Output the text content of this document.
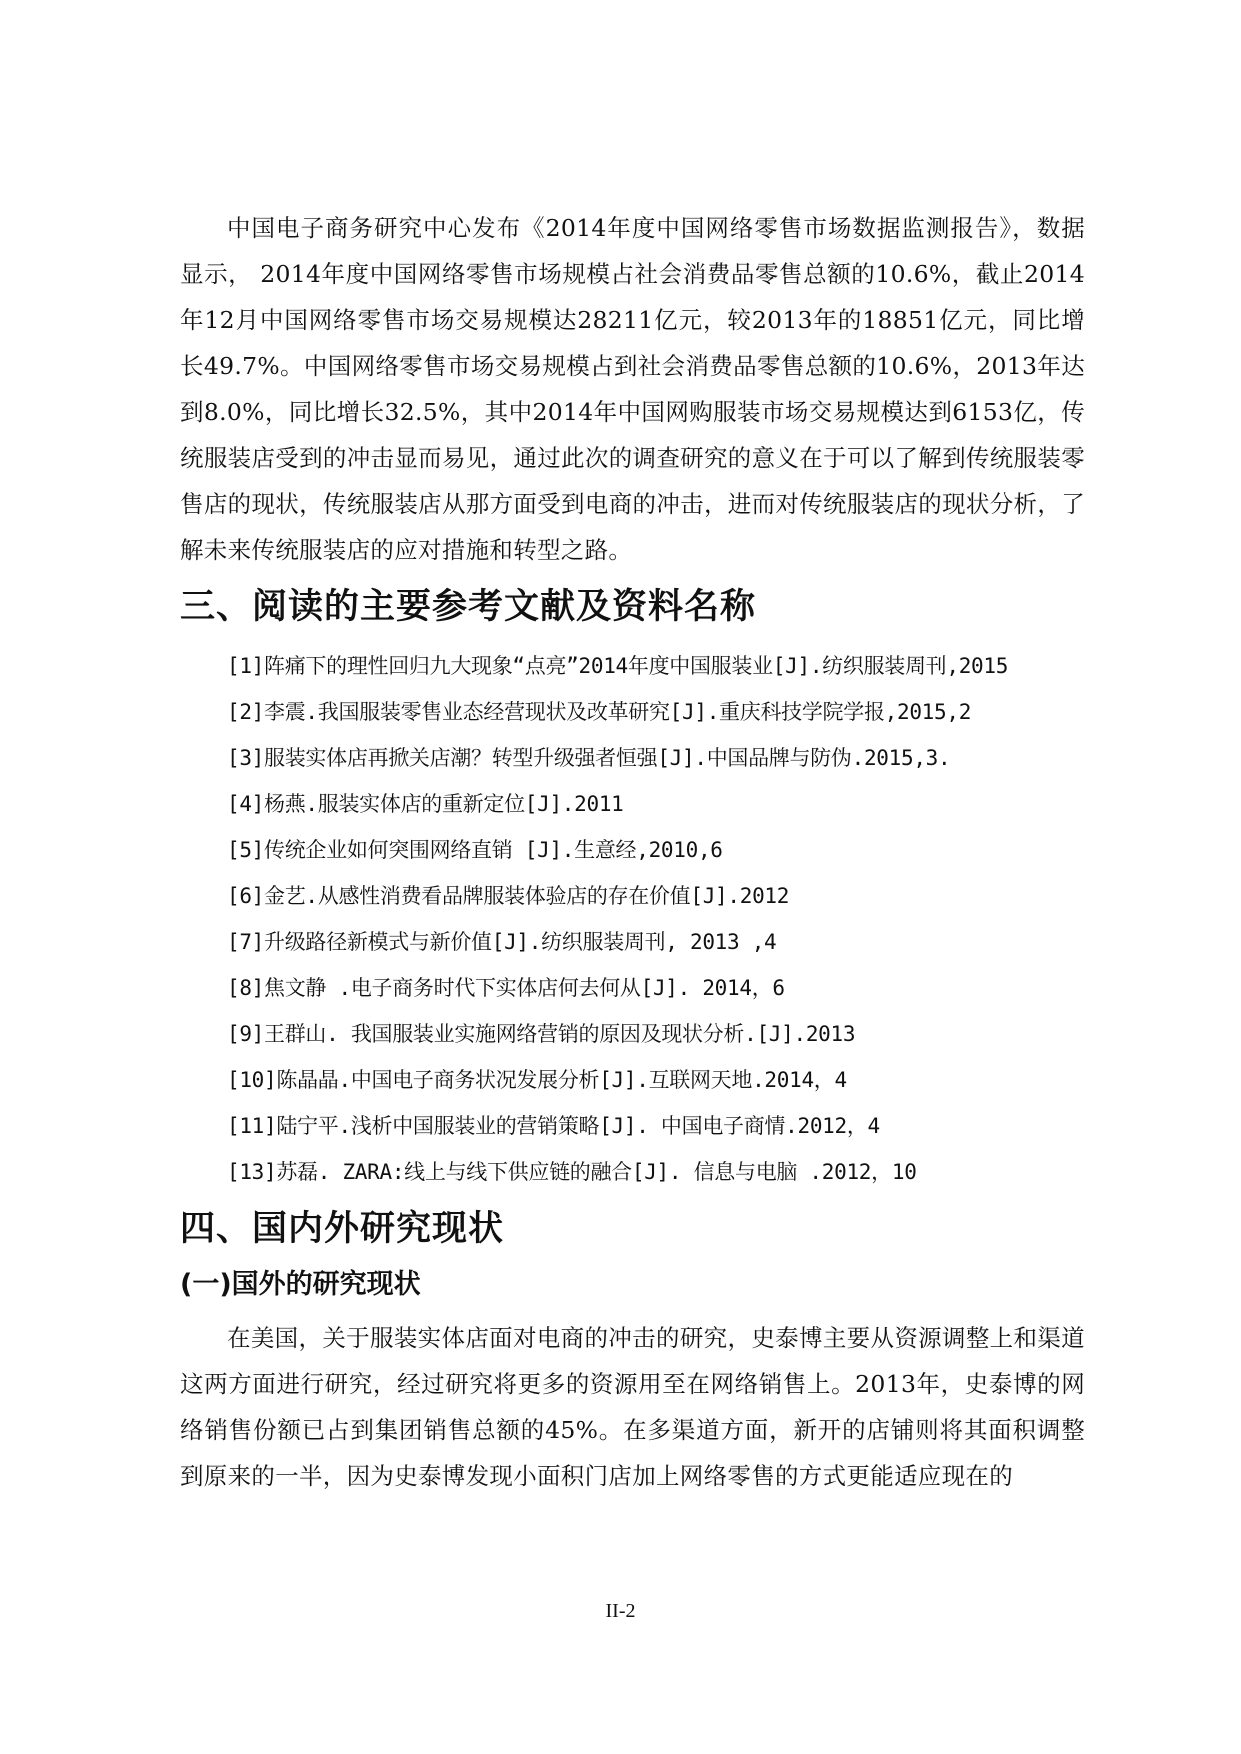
中国电子商务研究中心发布《2014年度中国网络零售市场数据监测报告》，数据显示， 2014年度中国网络零售市场规模占社会消费品零售总额的10.6%，截止2014年12月中国网络零售市场交易规模达28211亿元，较2013年的18851亿元，同比增长49.7%。中国网络零售市场交易规模占到社会消费品零售总额的10.6%，2013年达到8.0%，同比增长32.5%，其中2014年中国网购服装市场交易规模达到6153亿，传统服装店受到的冲击显而易见，通过此次的调查研究的意义在于可以了解到传统服装零售店的现状，传统服装店从那方面受到电商的冲击，进而对传统服装店的现状分析，了解未来传统服装店的应对措施和转型之路。

三、阅读的主要参考文献及资料名称
[1]阵痛下的理性回归九大现象“点亮”2014年度中国服装业[J].纺织服装周刊,2015
[2]李震.我国服装零售业态经营现状及改革研究[J].重庆科技学院学报,2015,2
[3]服装实体店再掀关店潮？转型升级强者恒强[J].中国品牌与防伪.2015,3.
[4]杨燕.服装实体店的重新定位[J].2011
[5]传统企业如何突围网络直销 [J].生意经,2010,6
[6]金艺.从感性消费看品牌服装体验店的存在价值[J].2012
[7]升级路径新模式与新价值[J].纺织服装周刊, 2013 ,4
[8]焦文静 .电子商务时代下实体店何去何从[J]. 2014，6
[9]王群山. 我国服装业实施网络营销的原因及现状分析.[J].2013
[10]陈晶晶.中国电子商务状况发展分析[J].互联网天地.2014，4
[11]陆宁平.浅析中国服装业的营销策略[J]. 中国电子商情.2012，4
[13]苏磊. ZARA:线上与线下供应链的融合[J]. 信息与电脑 .2012，10
四、国内外研究现状
(一)国外的研究现状

在美国，关于服装实体店面对电商的冲击的研究，史泰博主要从资源调整上和渠道这两方面进行研究，经过研究将更多的资源用至在网络销售上。2013年，史泰博的网络销售份额已占到集团销售总额的45%。在多渠道方面，新开的店铺则将其面积调整到原来的一半，因为史泰博发现小面积门店加上网络零售的方式更能适应现在的

II-2
